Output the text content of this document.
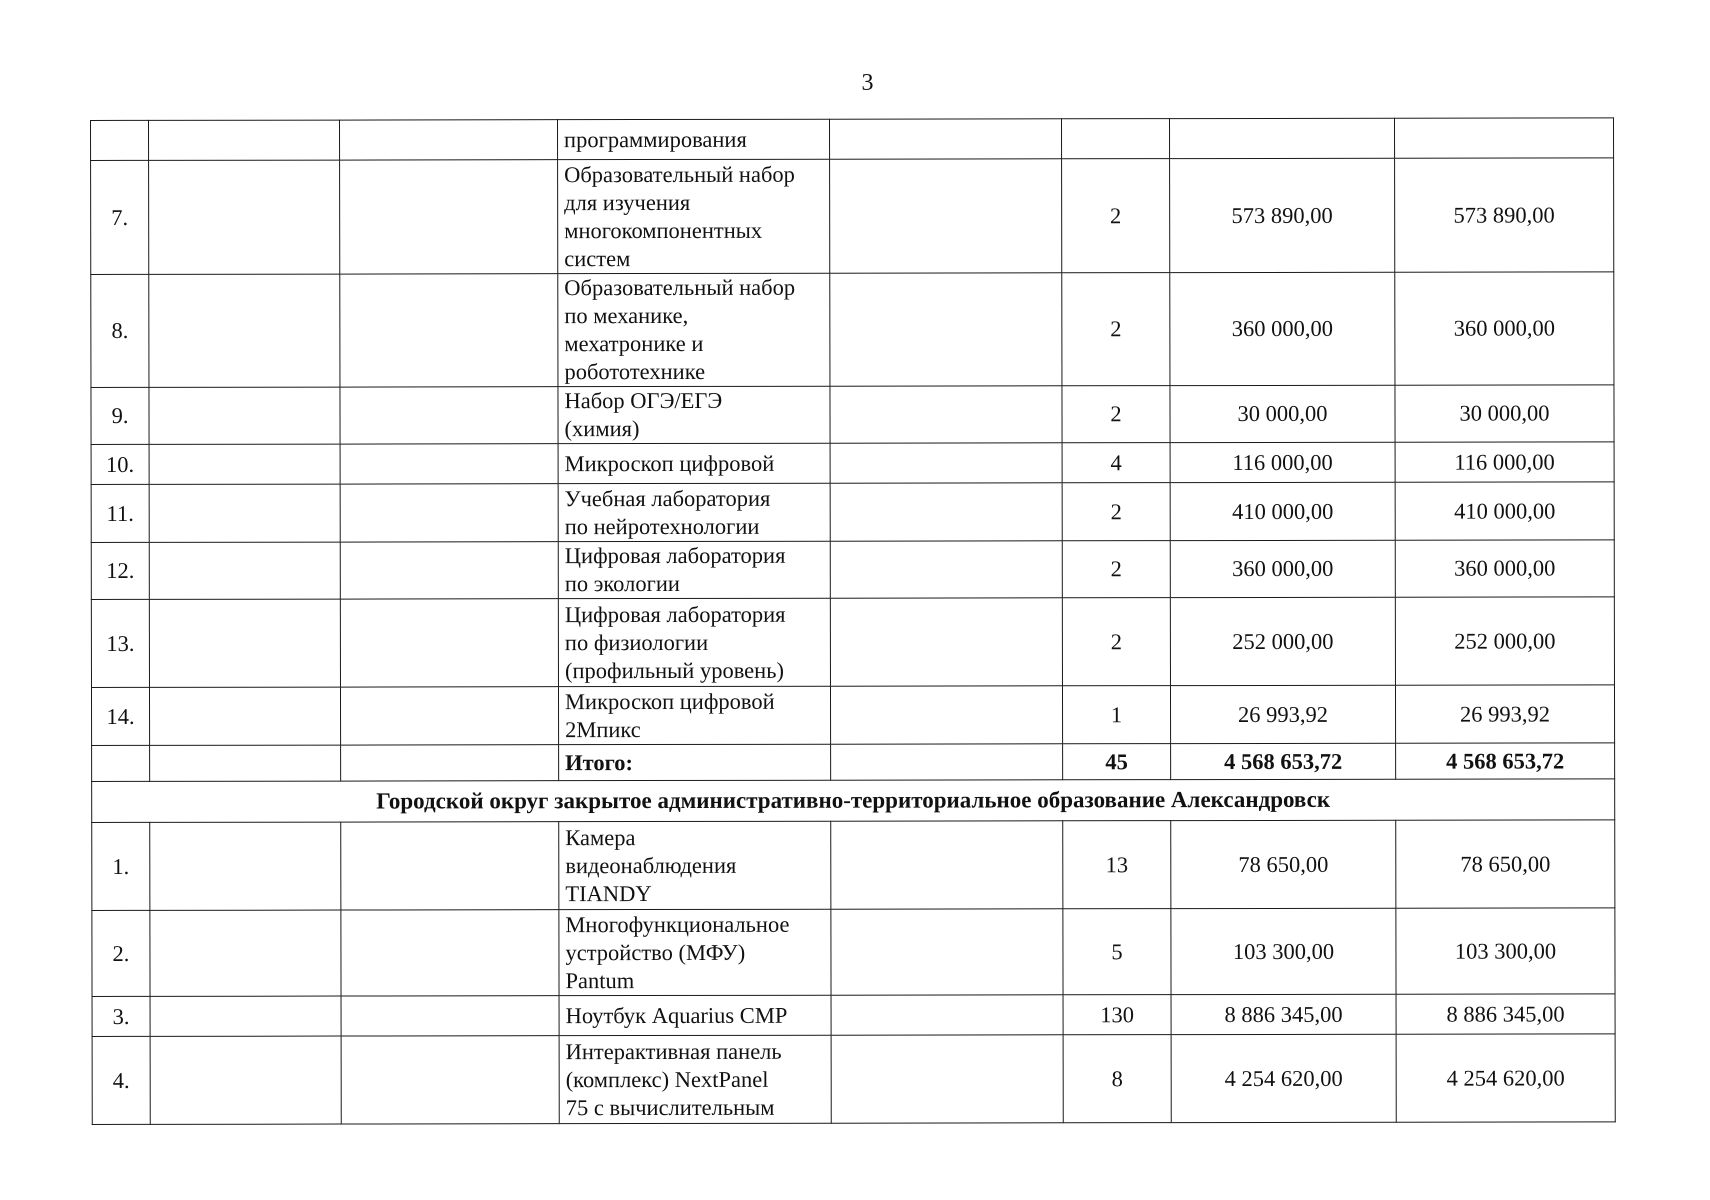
3
			программирования				
7.			Образовательный набор
для изучения
многокомпонентных
систем		2	573 890,00	573 890,00
8.			Образовательный набор
по механике,
мехатронике и
робототехнике		2	360 000,00	360 000,00
9.			Набор ОГЭ/ЕГЭ
(химия)		2	30 000,00	30 000,00
10.			Микроскоп цифровой		4	116 000,00	116 000,00
11.			Учебная лаборатория
по нейротехнологии		2	410 000,00	410 000,00
12.			Цифровая лаборатория
по экологии		2	360 000,00	360 000,00
13.			Цифровая лаборатория
по физиологии
(профильный уровень)		2	252 000,00	252 000,00
14.			Микроскоп цифровой
2Мпикс		1	26 993,92	26 993,92
			Итого:		45	4 568 653,72	4 568 653,72
Городской округ закрытое административно-территориальное образование Александровск							
1.			Камера
видеонаблюдения
TIANDY		13	78 650,00	78 650,00
2.			Многофункциональное
устройство (МФУ)
Pantum		5	103 300,00	103 300,00
3.			Ноутбук Aquarius CMP		130	8 886 345,00	8 886 345,00
4.			Интерактивная панель
(комплекс) NextPanel
75 с вычислительным		8	4 254 620,00	4 254 620,00
